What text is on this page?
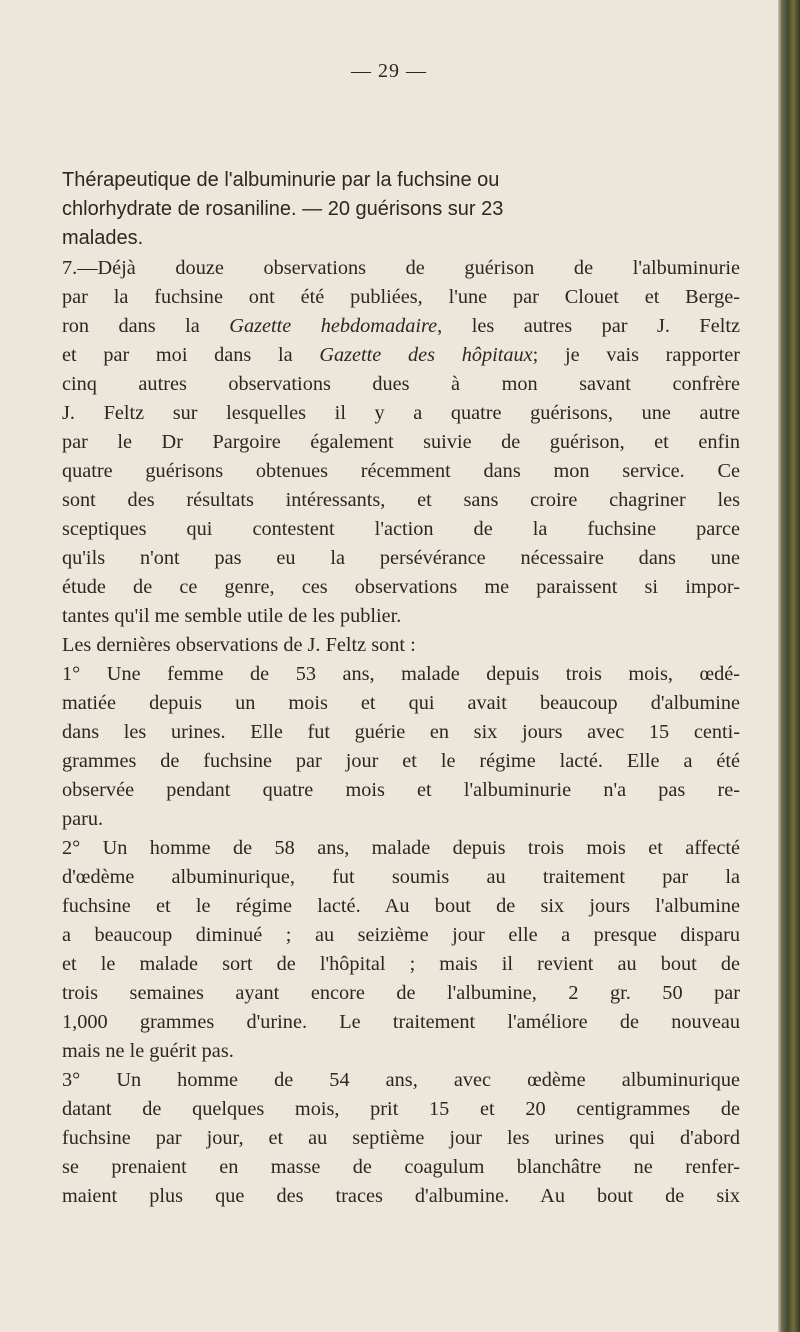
— 29 —
Thérapeutique de l'albuminurie par la fuchsine ou
chlorhydrate de rosaniline. — 20 guérisons sur 23
malades.
7.—Déjà douze observations de guérison de l'albuminurie
par la fuchsine ont été publiées, l'une par Clouet et Berge-
ron dans la Gazette hebdomadaire, les autres par J. Feltz
et par moi dans la Gazette des hôpitaux; je vais rapporter
cinq autres observations dues à mon savant confrère
J. Feltz sur lesquelles il y a quatre guérisons, une autre
par le Dr Pargoire également suivie de guérison, et enfin
quatre guérisons obtenues récemment dans mon service. Ce
sont des résultats intéressants, et sans croire chagriner les
sceptiques qui contestent l'action de la fuchsine parce
qu'ils n'ont pas eu la persévérance nécessaire dans une
étude de ce genre, ces observations me paraissent si impor-
tantes qu'il me semble utile de les publier.
Les dernières observations de J. Feltz sont :
1° Une femme de 53 ans, malade depuis trois mois, œdé-
matiée depuis un mois et qui avait beaucoup d'albumine
dans les urines. Elle fut guérie en six jours avec 15 centi-
grammes de fuchsine par jour et le régime lacté. Elle a été
observée pendant quatre mois et l'albuminurie n'a pas re-
paru.
2° Un homme de 58 ans, malade depuis trois mois et affecté
d'œdème albuminurique, fut soumis au traitement par la
fuchsine et le régime lacté. Au bout de six jours l'albumine
a beaucoup diminué ; au seizième jour elle a presque disparu
et le malade sort de l'hôpital ; mais il revient au bout de
trois semaines ayant encore de l'albumine, 2 gr. 50 par
1,000 grammes d'urine. Le traitement l'améliore de nouveau
mais ne le guérit pas.
3° Un homme de 54 ans, avec œdème albuminurique
datant de quelques mois, prit 15 et 20 centigrammes de
fuchsine par jour, et au septième jour les urines qui d'abord
se prenaient en masse de coagulum blanchâtre ne renfer-
maient plus que des traces d'albumine. Au bout de six
